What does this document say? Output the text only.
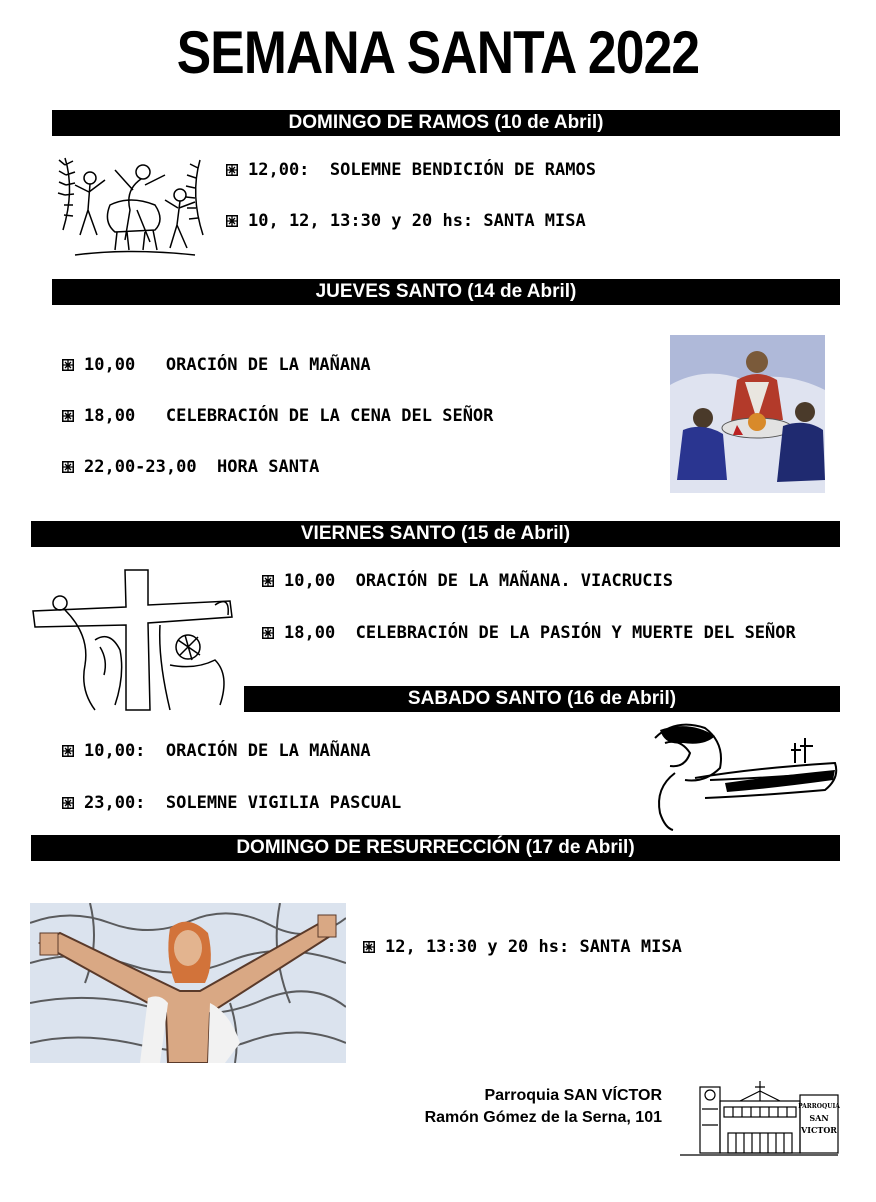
SEMANA SANTA 2022
DOMINGO DE RAMOS (10 de Abril)
12,00:  SOLEMNE BENDICIÓN DE RAMOS
10, 12, 13:30 y 20 hs: SANTA MISA
JUEVES SANTO (14 de Abril)
10,00   ORACIÓN DE LA MAÑANA
18,00   CELEBRACIÓN DE LA CENA DEL SEÑOR
22,00-23,00  HORA SANTA
VIERNES SANTO (15 de Abril)
10,00  ORACIÓN DE LA MAÑANA. VIACRUCIS
18,00  CELEBRACIÓN DE LA PASIÓN Y MUERTE DEL SEÑOR
SABADO SANTO (16 de Abril)
10,00:  ORACIÓN DE LA MAÑANA
23,00:  SOLEMNE VIGILIA PASCUAL
DOMINGO DE RESURRECCIÓN (17 de Abril)
12, 13:30 y 20 hs: SANTA MISA
Parroquia SAN VÍCTOR
Ramón Gómez de la Serna, 101
PARROQUIA
SAN
VICTOR
